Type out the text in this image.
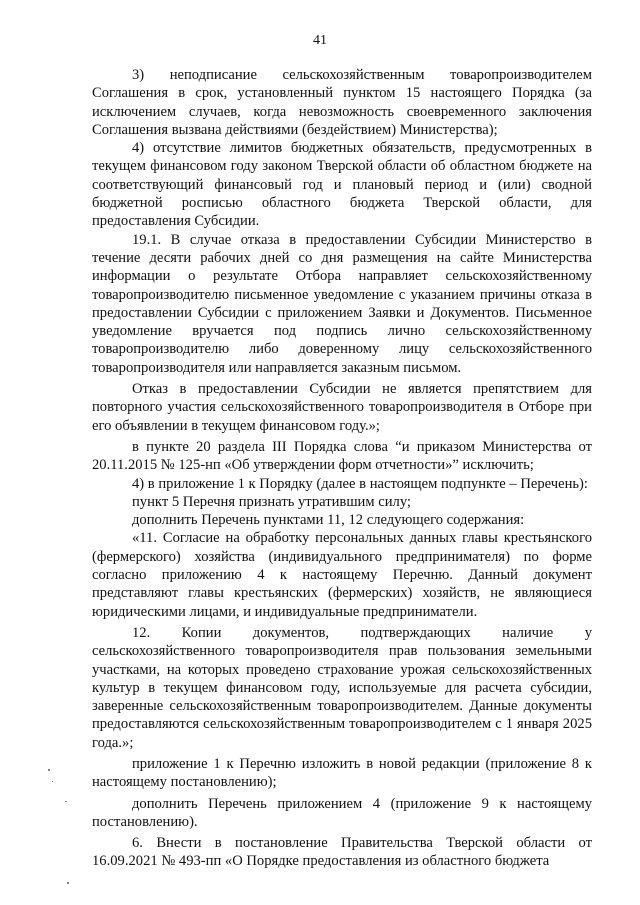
41

3) неподписание сельскохозяйственным товаропроизводителем Соглашения в срок, установленный пунктом 15 настоящего Порядка (за исключением случаев, когда невозможность своевременного заключения Соглашения вызвана действиями (бездействием) Министерства);

4) отсутствие лимитов бюджетных обязательств, предусмотренных в текущем финансовом году законом Тверской области об областном бюджете на соответствующий финансовый год и плановый период и (или) сводной бюджетной росписью областного бюджета Тверской области, для предоставления Субсидии.

19.1. В случае отказа в предоставлении Субсидии Министерство в течение десяти рабочих дней со дня размещения на сайте Министерства информации о результате Отбора направляет сельскохозяйственному товаропроизводителю письменное уведомление с указанием причины отказа в предоставлении Субсидии с приложением Заявки и Документов. Письменное уведомление вручается под подпись лично сельскохозяйственному товаропроизводителю либо доверенному лицу сельскохозяйственного товаропроизводителя или направляется заказным письмом.

Отказ в предоставлении Субсидии не является препятствием для повторного участия сельскохозяйственного товаропроизводителя в Отборе при его объявлении в текущем финансовом году.»;

в пункте 20 раздела III Порядка слова “и приказом Министерства от 20.11.2015 № 125-нп «Об утверждении форм отчетности»” исключить;

4) в приложение 1 к Порядку (далее в настоящем подпункте – Перечень):

пункт 5 Перечня признать утратившим силу;

дополнить Перечень пунктами 11, 12 следующего содержания:

«11. Согласие на обработку персональных данных главы крестьянского (фермерского) хозяйства (индивидуального предпринимателя) по форме согласно приложению 4 к настоящему Перечню. Данный документ представляют главы крестьянских (фермерских) хозяйств, не являющиеся юридическими лицами, и индивидуальные предприниматели.

12. Копии документов, подтверждающих наличие у сельскохозяйственного товаропроизводителя прав пользования земельными участками, на которых проведено страхование урожая сельскохозяйственных культур в текущем финансовом году, используемые для расчета субсидии, заверенные сельскохозяйственным товаропроизводителем. Данные документы предоставляются сельскохозяйственным товаропроизводителем с 1 января 2025 года.»;

приложение 1 к Перечню изложить в новой редакции (приложение 8 к настоящему постановлению);

дополнить Перечень приложением 4 (приложение 9 к настоящему постановлению).

6. Внести в постановление Правительства Тверской области от 16.09.2021 № 493-пп «О Порядке предоставления из областного бюджета
